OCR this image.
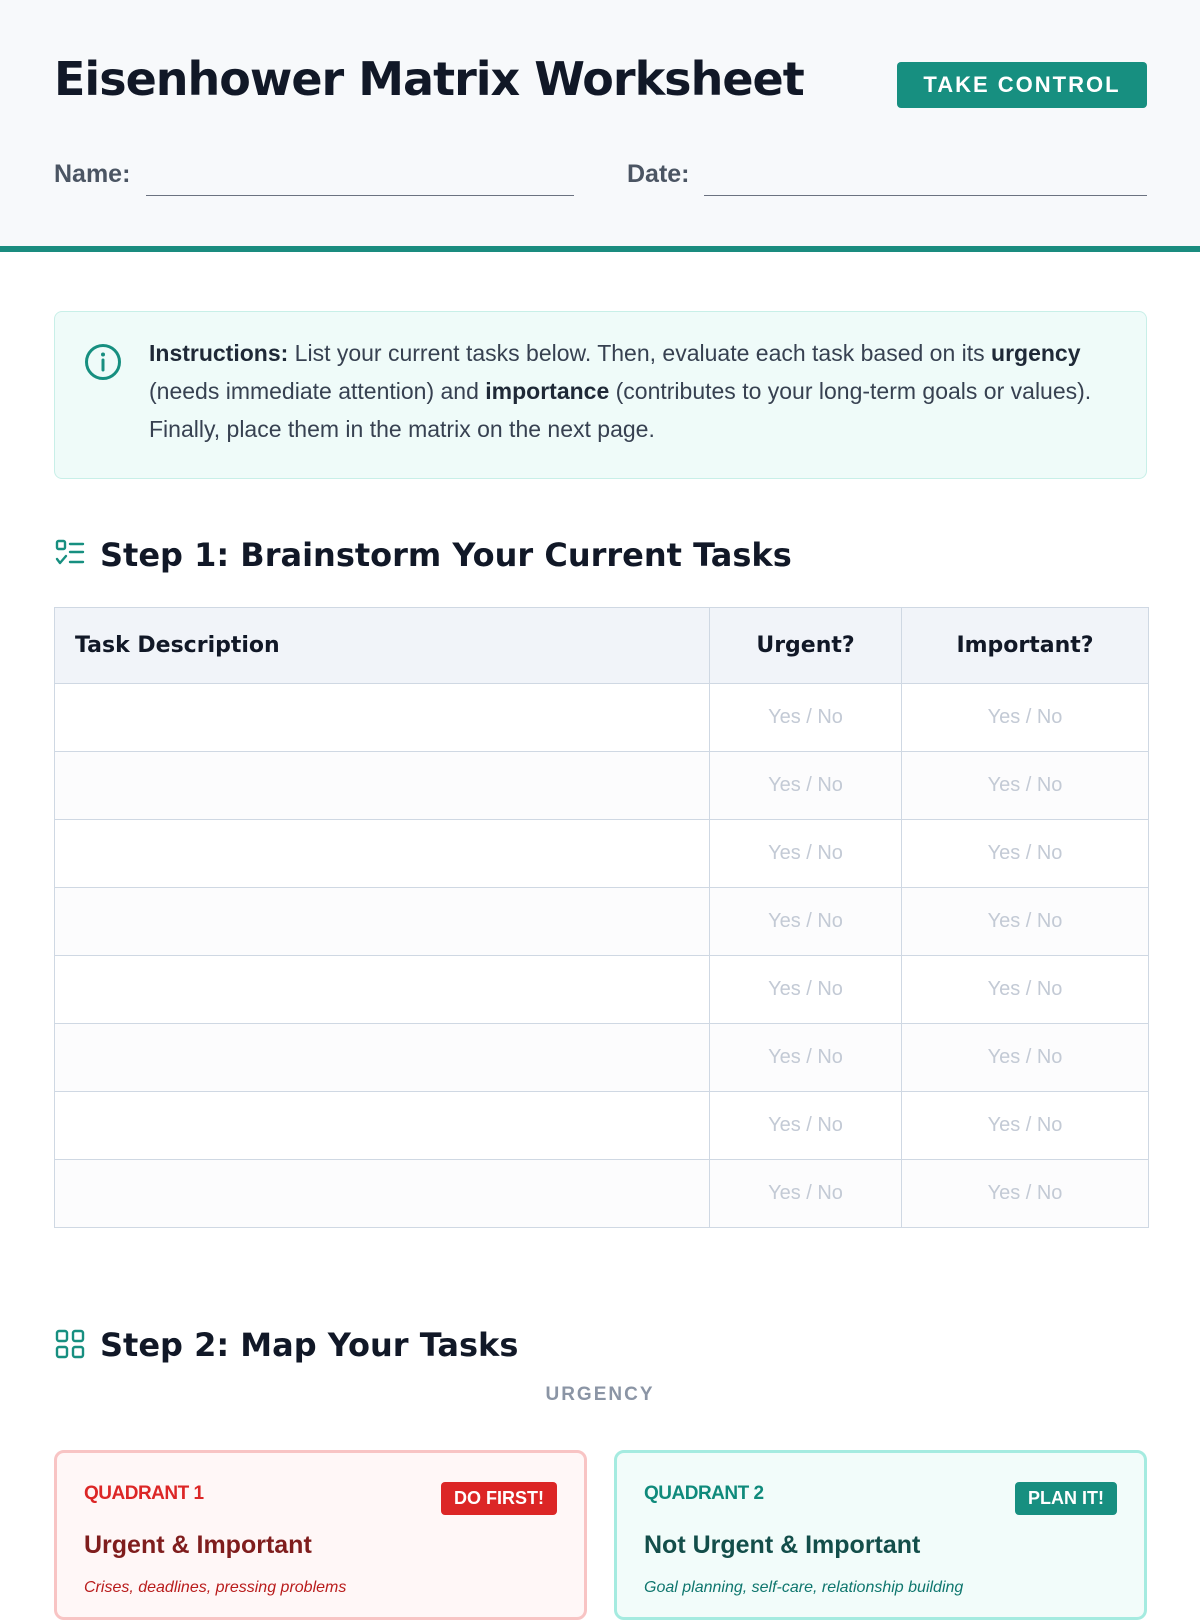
Eisenhower Matrix Worksheet	TAKE CONTROL
Name:	Date:

Instructions: List your current tasks below. Then, evaluate each task based on its urgency (needs immediate attention) and importance (contributes to your long-term goals or values). Finally, place them in the matrix on the next page.

Step 1: Brainstorm Your Current Tasks
Task Description	Urgent?	Important?
	Yes / No	Yes / No
	Yes / No	Yes / No
	Yes / No	Yes / No
	Yes / No	Yes / No
	Yes / No	Yes / No
	Yes / No	Yes / No
	Yes / No	Yes / No
	Yes / No	Yes / No
Step 2: Map Your Tasks
URGENCY
QUADRANT 1	DO FIRST!
Urgent & Important
Crises, deadlines, pressing problems
QUADRANT 2	PLAN IT!
Not Urgent & Important
Goal planning, self-care, relationship building
